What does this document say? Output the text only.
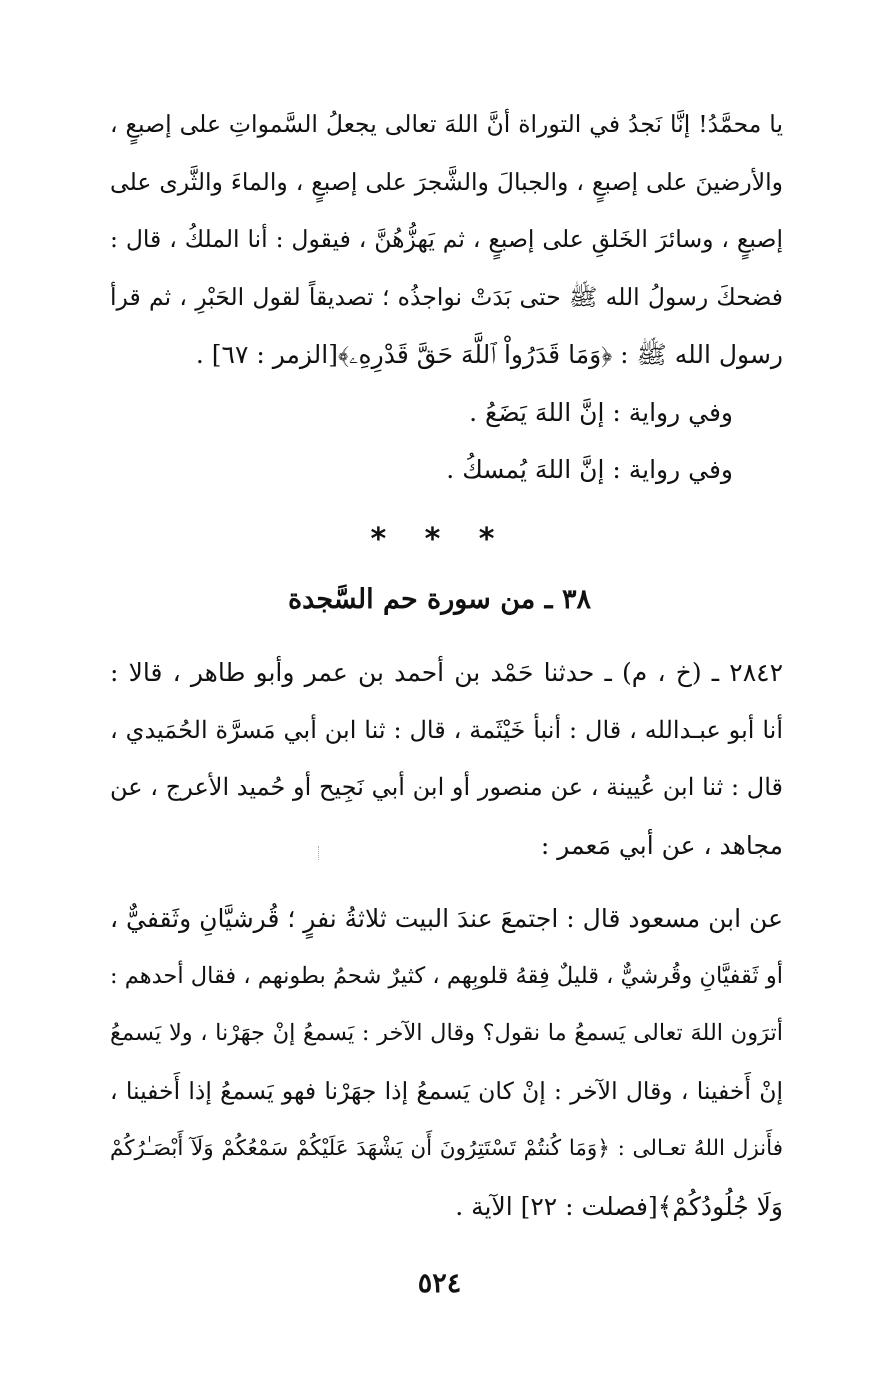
يا محمَّدُ! إنَّا نَجدُ في التوراة أنَّ اللهَ تعالى يجعلُ السَّمواتِ على إصبعٍ ،
والأرضينَ على إصبعٍ ، والجبالَ والشَّجرَ على إصبعٍ ، والماءَ والثَّرى على
إصبعٍ ، وسائرَ الخَلقِ على إصبعٍ ، ثم يَهزُّهُنَّ ، فيقول : أنا الملكُ ، قال :
فضحكَ رسولُ الله ﷺ حتى بَدَتْ نواجذُه ؛ تصديقاً لقول الحَبْرِ ، ثم قرأ
رسول الله ﷺ : ﴿وَمَا قَدَرُواْ ٱللَّهَ حَقَّ قَدْرِهِۦ﴾[الزمر : ٦٧] .
وفي رواية : إنَّ اللهَ يَضَعُ .
وفي رواية : إنَّ اللهَ يُمسكُ .
* * *
٣٨ ـ من سورة حم السَّجدة
٢٨٤٢ ـ (خ ، م) ـ حدثنا حَمْد بن أحمد بن عمر وأبو طاهر ، قالا :
أنا أبو عبـدالله ، قال : أنبأ خَيْثَمة ، قال : ثنا ابن أبي مَسرَّة الحُمَيدي ،
قال : ثنا ابن عُيينة ، عن منصور أو ابن أبي نَجِيح أو حُميد الأعرج ، عن
مجاهد ، عن أبي مَعمر :
عن ابن مسعود قال : اجتمعَ عندَ البيت ثلاثةُ نفرٍ ؛ قُرشيَّانِ وثَقفيٌّ ،
أو ثَقفيَّانِ وقُرشيٌّ ، قليلٌ فِقهُ قلوبِهم ، كثيرٌ شحمُ بطونهم ، فقال أحدهم :
أترَون اللهَ تعالى يَسمعُ ما نقول؟ وقال الآخر : يَسمعُ إنْ جهَرْنا ، ولا يَسمعُ
إنْ أَخفينا ، وقال الآخر : إنْ كان يَسمعُ إذا جهَرْنا فهو يَسمعُ إذا أَخفينا ،
فأَنزل اللهُ تعـالى : ﴿وَمَا كُنتُمْ تَسْتَتِرُونَ أَن يَشْهَدَ عَلَيْكُمْ سَمْعُكُمْ وَلَآ أَبْصَـٰرُكُمْ
وَلَا جُلُودُكُمْ﴾[فصلت : ٢٢] الآية .
٥٢٤
